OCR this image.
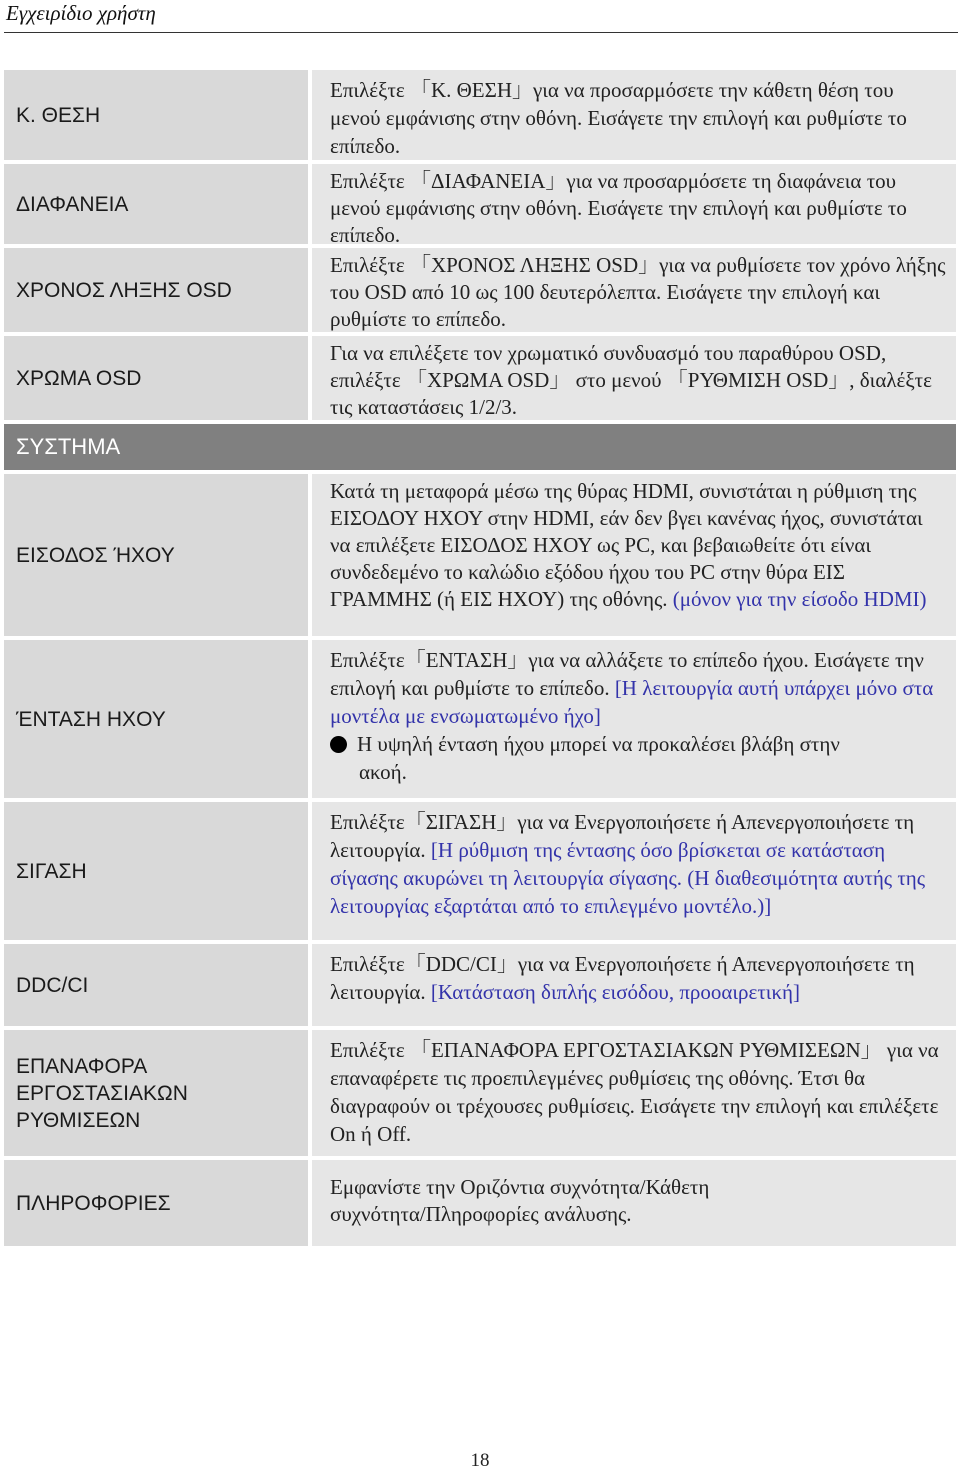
Εγχειρίδιο χρήστη
Κ. ΘΕΣΗ
Επιλέξτε 「Κ. ΘΕΣΗ」για να προσαρμόσετε την κάθετη θέση του μενού εμφάνισης στην οθόνη. Εισάγετε την επιλογή και ρυθμίστε το επίπεδο.
ΔΙΑΦΑΝΕΙΑ
Επιλέξτε 「ΔΙΑΦΑΝΕΙΑ」για να προσαρμόσετε τη διαφάνεια του μενού εμφάνισης στην οθόνη. Εισάγετε την επιλογή και ρυθμίστε το επίπεδο.
ΧΡΟΝΟΣ ΛΗΞΗΣ OSD
Επιλέξτε 「ΧΡΟΝΟΣ ΛΗΞΗΣ OSD」για να ρυθμίσετε τον χρόνο λήξης του OSD από 10 ως 100 δευτερόλεπτα. Εισάγετε την επιλογή και ρυθμίστε το επίπεδο.
ΧΡΩΜΑ OSD
Για να επιλέξετε τον χρωματικό συνδυασμό του παραθύρου OSD, επιλέξτε 「ΧΡΩΜΑ OSD」 στο μενού 「ΡΥΘΜΙΣΗ OSD」, διαλέξτε τις καταστάσεις 1/2/3.
ΣΥΣΤΗΜΑ
ΕΙΣΟΔΟΣ ΉΧΟΥ
Κατά τη μεταφορά μέσω της θύρας HDMI, συνιστάται η ρύθμιση της ΕΙΣΟΔΟΥ ΗΧΟΥ στην HDMI, εάν δεν βγει κανένας ήχος, συνιστάται να επιλέξετε ΕΙΣΟΔΟΣ ΗΧΟΥ ως PC, και βεβαιωθείτε ότι είναι συνδεδεμένο το καλώδιο εξόδου ήχου του PC στην θύρα ΕΙΣ ΓΡΑΜΜΗΣ (ή ΕΙΣ ΗΧΟΥ) της οθόνης. (μόνον για την είσοδο HDMI)
ΈΝΤΑΣΗ ΗΧΟΥ
Επιλέξτε「ΕΝΤΑΣΗ」για να αλλάξετε το επίπεδο ήχου. Εισάγετε την επιλογή και ρυθμίστε το επίπεδο. [Η λειτουργία αυτή υπάρχει μόνο στα μοντέλα με ενσωματωμένο ήχο]
Η υψηλή ένταση ήχου μπορεί να προκαλέσει βλάβη στην
ακοή.
ΣΙΓΑΣΗ
Επιλέξτε「ΣΙΓΑΣΗ」για να Ενεργοποιήσετε ή Απενεργοποιήσετε τη λειτουργία. [Η ρύθμιση της έντασης όσο βρίσκεται σε κατάσταση σίγασης ακυρώνει τη λειτουργία σίγασης. (Η διαθεσιμότητα αυτής της λειτουργίας εξαρτάται από το επιλεγμένο μοντέλο.)]
DDC/CI
Επιλέξτε「DDC/CI」για να Ενεργοποιήσετε ή Απενεργοποιήσετε τη λειτουργία. [Κατάσταση διπλής εισόδου, προοαιρετική]
ΕΠΑΝΑΦΟΡΑ
ΕΡΓΟΣΤΑΣΙΑΚΩΝ
ΡΥΘΜΙΣΕΩΝ
Επιλέξτε 「ΕΠΑΝΑΦΟΡΑ ΕΡΓΟΣΤΑΣΙΑΚΩΝ ΡΥΘΜΙΣΕΩΝ」 για να επαναφέρετε τις προεπιλεγμένες ρυθμίσεις της οθόνης. Έτσι θα διαγραφούν οι τρέχουσες ρυθμίσεις. Εισάγετε την επιλογή και επιλέξετε On ή Off.
ΠΛΗΡΟΦΟΡΙΕΣ
Εμφανίστε την Οριζόντια συχνότητα/Κάθετη
συχνότητα/Πληροφορίες ανάλυσης.
18
